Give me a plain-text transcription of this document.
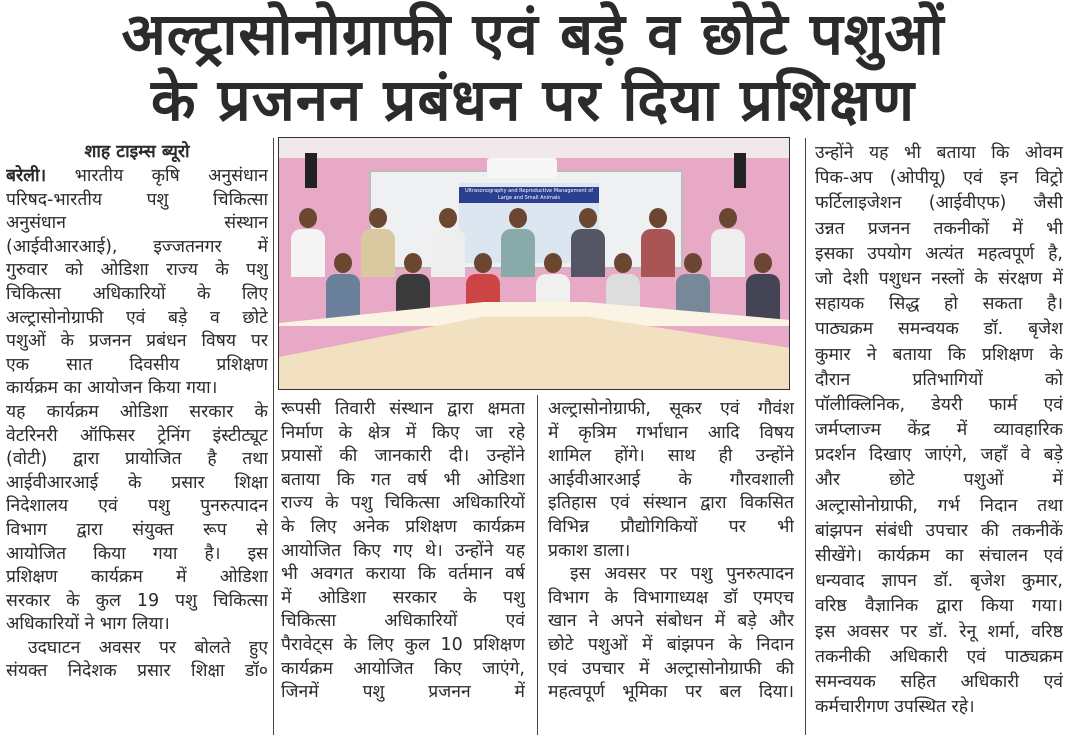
अल्ट्रासोनोग्राफी एवं बड़े व छोटे पशुओं
के प्रजनन प्रबंधन पर दिया प्रशिक्षण
शाह टाइम्स ब्यूरो
बरेली। भारतीय कृषि अनुसंधान
परिषद-भारतीय पशु चिकित्सा
अनुसंधान संस्थान
(आईवीआरआई), इज्जतनगर में
गुरुवार को ओडिशा राज्य के पशु
चिकित्सा अधिकारियों के लिए
अल्ट्रासोनोग्राफी एवं बड़े व छोटे
पशुओं के प्रजनन प्रबंधन विषय पर
एक सात दिवसीय प्रशिक्षण
कार्यक्रम का आयोजन किया गया।
यह कार्यक्रम ओडिशा सरकार के
वेटरिनरी ऑफिसर ट्रेनिंग इंस्टीट्यूट
(वोटी) द्वारा प्रायोजित है तथा
आईवीआरआई के प्रसार शिक्षा
निदेशालय एवं पशु पुनरुत्पादन
विभाग द्वारा संयुक्त रूप से
आयोजित किया गया है। इस
प्रशिक्षण कार्यक्रम में ओडिशा
सरकार के कुल 19 पशु चिकित्सा
अधिकारियों ने भाग लिया।
उदघाटन अवसर पर बोलते हुए
संयक्त निदेशक प्रसार शिक्षा डॉ०
Ultrasonography and Reproductive Management of Large and Small Animals
रूपसी तिवारी संस्थान द्वारा क्षमता
निर्माण के क्षेत्र में किए जा रहे
प्रयासों की जानकारी दी। उन्होंने
बताया कि गत वर्ष भी ओडिशा
राज्य के पशु चिकित्सा अधिकारियों
के लिए अनेक प्रशिक्षण कार्यक्रम
आयोजित किए गए थे। उन्होंने यह
भी अवगत कराया कि वर्तमान वर्ष
में ओडिशा सरकार के पशु
चिकित्सा अधिकारियों एवं
पैरावेट्स के लिए कुल 10 प्रशिक्षण
कार्यक्रम आयोजित किए जाएंगे,
जिनमें पशु प्रजनन में
अल्ट्रासोनोग्राफी, सूकर एवं गौवंश
में कृत्रिम गर्भाधान आदि विषय
शामिल होंगे। साथ ही उन्होंने
आईवीआरआई के गौरवशाली
इतिहास एवं संस्थान द्वारा विकसित
विभिन्न प्रौद्योगिकियों पर भी
प्रकाश डाला।
इस अवसर पर पशु पुनरुत्पादन
विभाग के विभागाध्यक्ष डॉ एमएच
खान ने अपने संबोधन में बड़े और
छोटे पशुओं में बांझपन के निदान
एवं उपचार में अल्ट्रासोनोग्राफी की
महत्वपूर्ण भूमिका पर बल दिया।
उन्होंने यह भी बताया कि ओवम
पिक-अप (ओपीयू) एवं इन विट्रो
फर्टिलाइजेशन (आईवीएफ) जैसी
उन्नत प्रजनन तकनीकों में भी
इसका उपयोग अत्यंत महत्वपूर्ण है,
जो देशी पशुधन नस्लों के संरक्षण में
सहायक सिद्ध हो सकता है।
पाठ्यक्रम समन्वयक डॉ. बृजेश
कुमार ने बताया कि प्रशिक्षण के
दौरान प्रतिभागियों को
पॉलीक्लिनिक, डेयरी फार्म एवं
जर्मप्लाज्म केंद्र में व्यावहारिक
प्रदर्शन दिखाए जाएंगे, जहाँ वे बड़े
और छोटे पशुओं में
अल्ट्रासोनोग्राफी, गर्भ निदान तथा
बांझपन संबंधी उपचार की तकनीकें
सीखेंगे। कार्यक्रम का संचालन एवं
धन्यवाद ज्ञापन डॉ. बृजेश कुमार,
वरिष्ठ वैज्ञानिक द्वारा किया गया।
इस अवसर पर डॉ. रेनू शर्मा, वरिष्ठ
तकनीकी अधिकारी एवं पाठ्यक्रम
समन्वयक सहित अधिकारी एवं
कर्मचारीगण उपस्थित रहे।
